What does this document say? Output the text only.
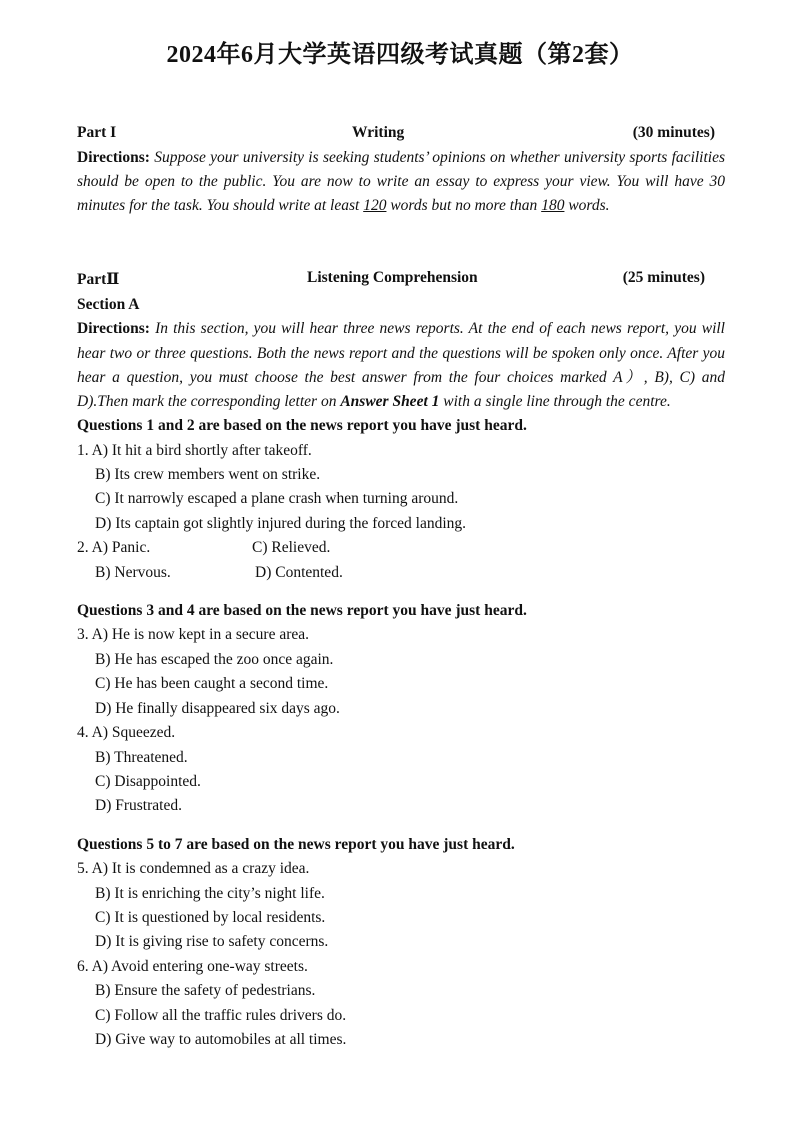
2024年6月大学英语四级考试真题（第2套）
Part I	Writing	(30 minutes)
Directions: Suppose your university is seeking students’ opinions on whether university sports facilities should be open to the public. You are now to write an essay to express your view. You will have 30 minutes for the task. You should write at least 120 words but no more than 180 words.
PartⅡ	Listening Comprehension	(25 minutes)
Section A
Directions: In this section, you will hear three news reports. At the end of each news report, you will hear two or three questions. Both the news report and the questions will be spoken only once. After you hear a question, you must choose the best answer from the four choices marked A）, B), C) and D).Then mark the corresponding letter on Answer Sheet 1 with a single line through the centre.
Questions 1 and 2 are based on the news report you have just heard.
1. A) It hit a bird shortly after takeoff.
B) Its crew members went on strike.
C) It narrowly escaped a plane crash when turning around.
D) Its captain got slightly injured during the forced landing.
2. A) Panic.	C) Relieved.
B) Nervous.	D) Contented.
Questions 3 and 4 are based on the news report you have just heard.
3. A) He is now kept in a secure area.
B) He has escaped the zoo once again.
C) He has been caught a second time.
D) He finally disappeared six days ago.
4. A) Squeezed.
B) Threatened.
C) Disappointed.
D) Frustrated.
Questions 5 to 7 are based on the news report you have just heard.
5. A) It is condemned as a crazy idea.
B) It is enriching the city’s night life.
C) It is questioned by local residents.
D) It is giving rise to safety concerns.
6. A) Avoid entering one-way streets.
B) Ensure the safety of pedestrians.
C) Follow all the traffic rules drivers do.
D) Give way to automobiles at all times.
